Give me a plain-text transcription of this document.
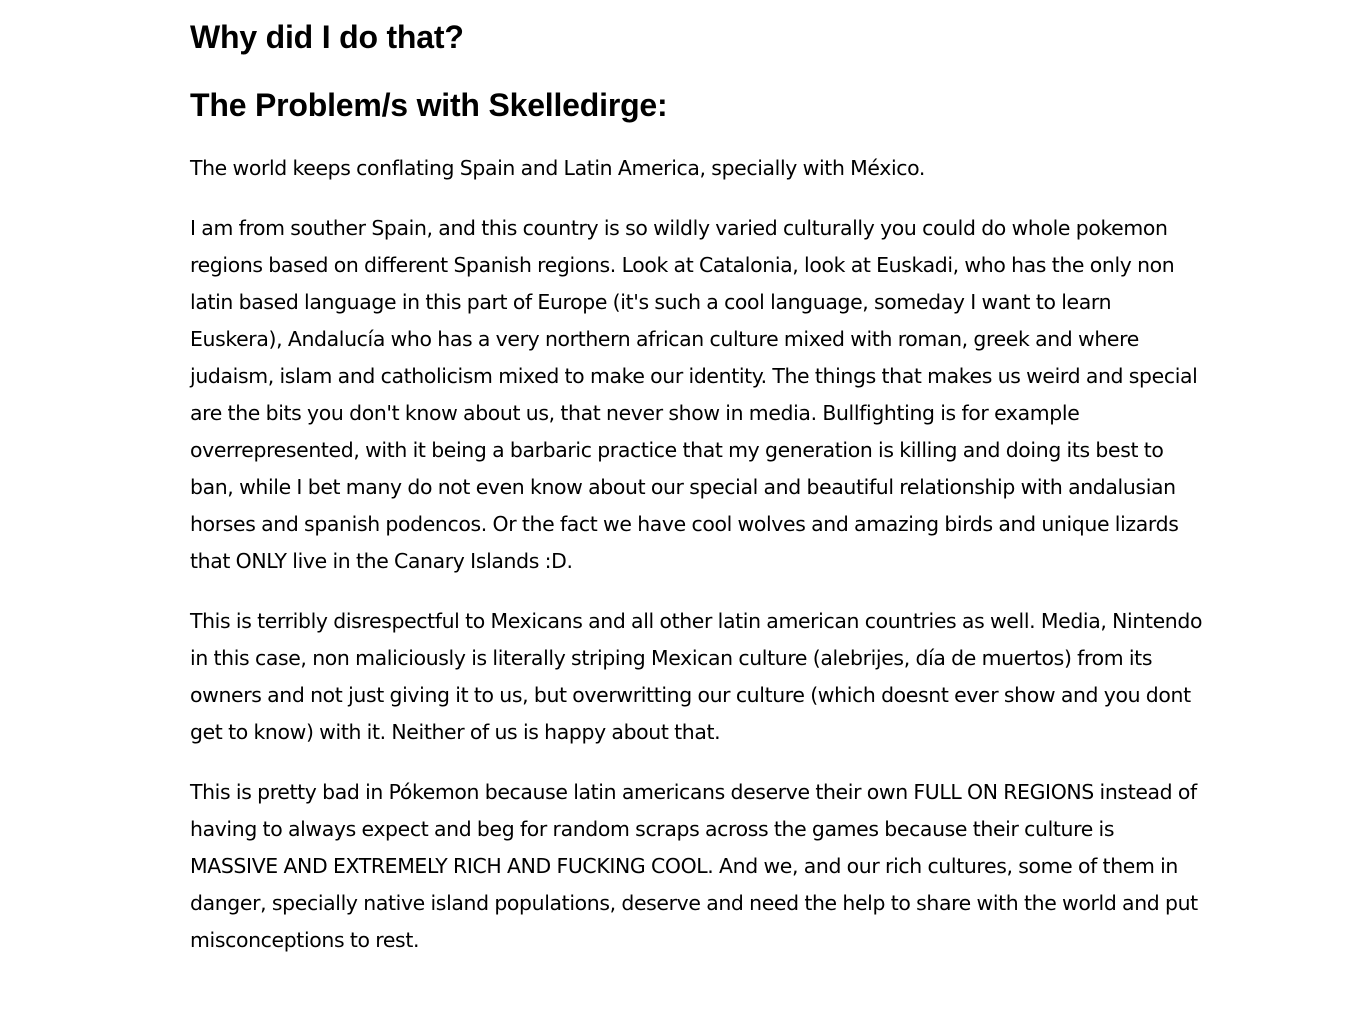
Why did I do that?
The Problem/s with Skelledirge:

The world keeps conflating Spain and Latin America, specially with México.

I am from souther Spain, and this country is so wildly varied culturally you could do whole pokemon regions based on different Spanish regions. Look at Catalonia, look at Euskadi, who has the only non latin based language in this part of Europe (it's such a cool language, someday I want to learn Euskera), Andalucía who has a very northern african culture mixed with roman, greek and where judaism, islam and catholicism mixed to make our identity. The things that makes us weird and special are the bits you don't know about us, that never show in media. Bullfighting is for example overrepresented, with it being a barbaric practice that my generation is killing and doing its best to ban, while I bet many do not even know about our special and beautiful relationship with andalusian horses and spanish podencos. Or the fact we have cool wolves and amazing birds and unique lizards that ONLY live in the Canary Islands :D.

This is terribly disrespectful to Mexicans and all other latin american countries as well. Media, Nintendo in this case, non maliciously is literally striping Mexican culture (alebrijes, día de muertos) from its owners and not just giving it to us, but overwritting our culture (which doesnt ever show and you dont get to know) with it. Neither of us is happy about that.

This is pretty bad in Pókemon because latin americans deserve their own FULL ON REGIONS instead of having to always expect and beg for random scraps across the games because their culture is MASSIVE AND EXTREMELY RICH AND FUCKING COOL. And we, and our rich cultures, some of them in danger, specially native island populations, deserve and need the help to share with the world and put misconceptions to rest.
